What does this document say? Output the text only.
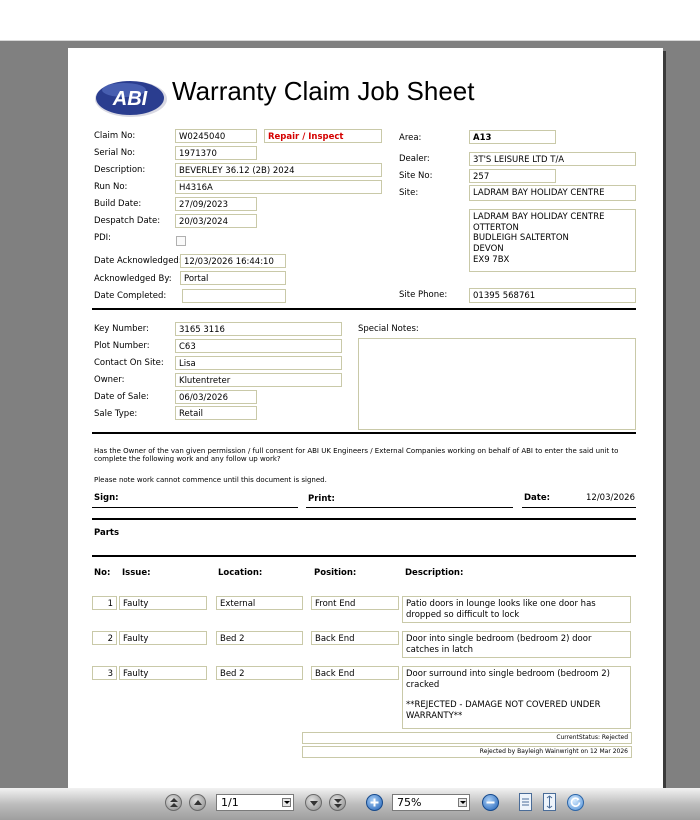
ABI Warranty Claim Job Sheet
Claim No:	W0245040	Repair / Inspect
Serial No:	1971370
Description:	BEVERLEY 36.12 (2B) 2024
Run No:	H4316A
Build Date:	27/09/2023
Despatch Date:	20/03/2024
PDI:
Date Acknowledged: 12/03/2026 16:44:10
Acknowledged By:	Portal
Date Completed:
Area:	A13
Dealer:	3T'S LEISURE LTD T/A
Site No:	257
Site:	LADRAM BAY HOLIDAY CENTRE
LADRAM BAY HOLIDAY CENTRE
OTTERTON
BUDLEIGH SALTERTON
DEVON
EX9 7BX
Site Phone:	01395 568761
Key Number:	3165 3116
Plot Number:	C63
Contact On Site:	Lisa
Owner:	Klutentreter
Date of Sale:	06/03/2026
Sale Type:	Retail
Special Notes:
Has the Owner of the van given permission / full consent for ABI UK Engineers / External Companies working on behalf of ABI to enter the said unit to complete the following work and any follow up work?
Please note work cannot commence until this document is signed.
Sign:	Print:	Date:	12/03/2026
Parts
No: Issue:	Location:	Position:	Description:
1	Faulty	External	Front End	Patio doors in lounge looks like one door has dropped so difficult to lock
2	Faulty	Bed 2	Back End	Door into single bedroom (bedroom 2) door catches in latch
3	Faulty	Bed 2	Back End	Door surround into single bedroom (bedroom 2) cracked
**REJECTED - DAMAGE NOT COVERED UNDER WARRANTY**
CurrentStatus: Rejected
Rejected by Bayleigh Wainwright on 12 Mar 2026
1/1	75%
